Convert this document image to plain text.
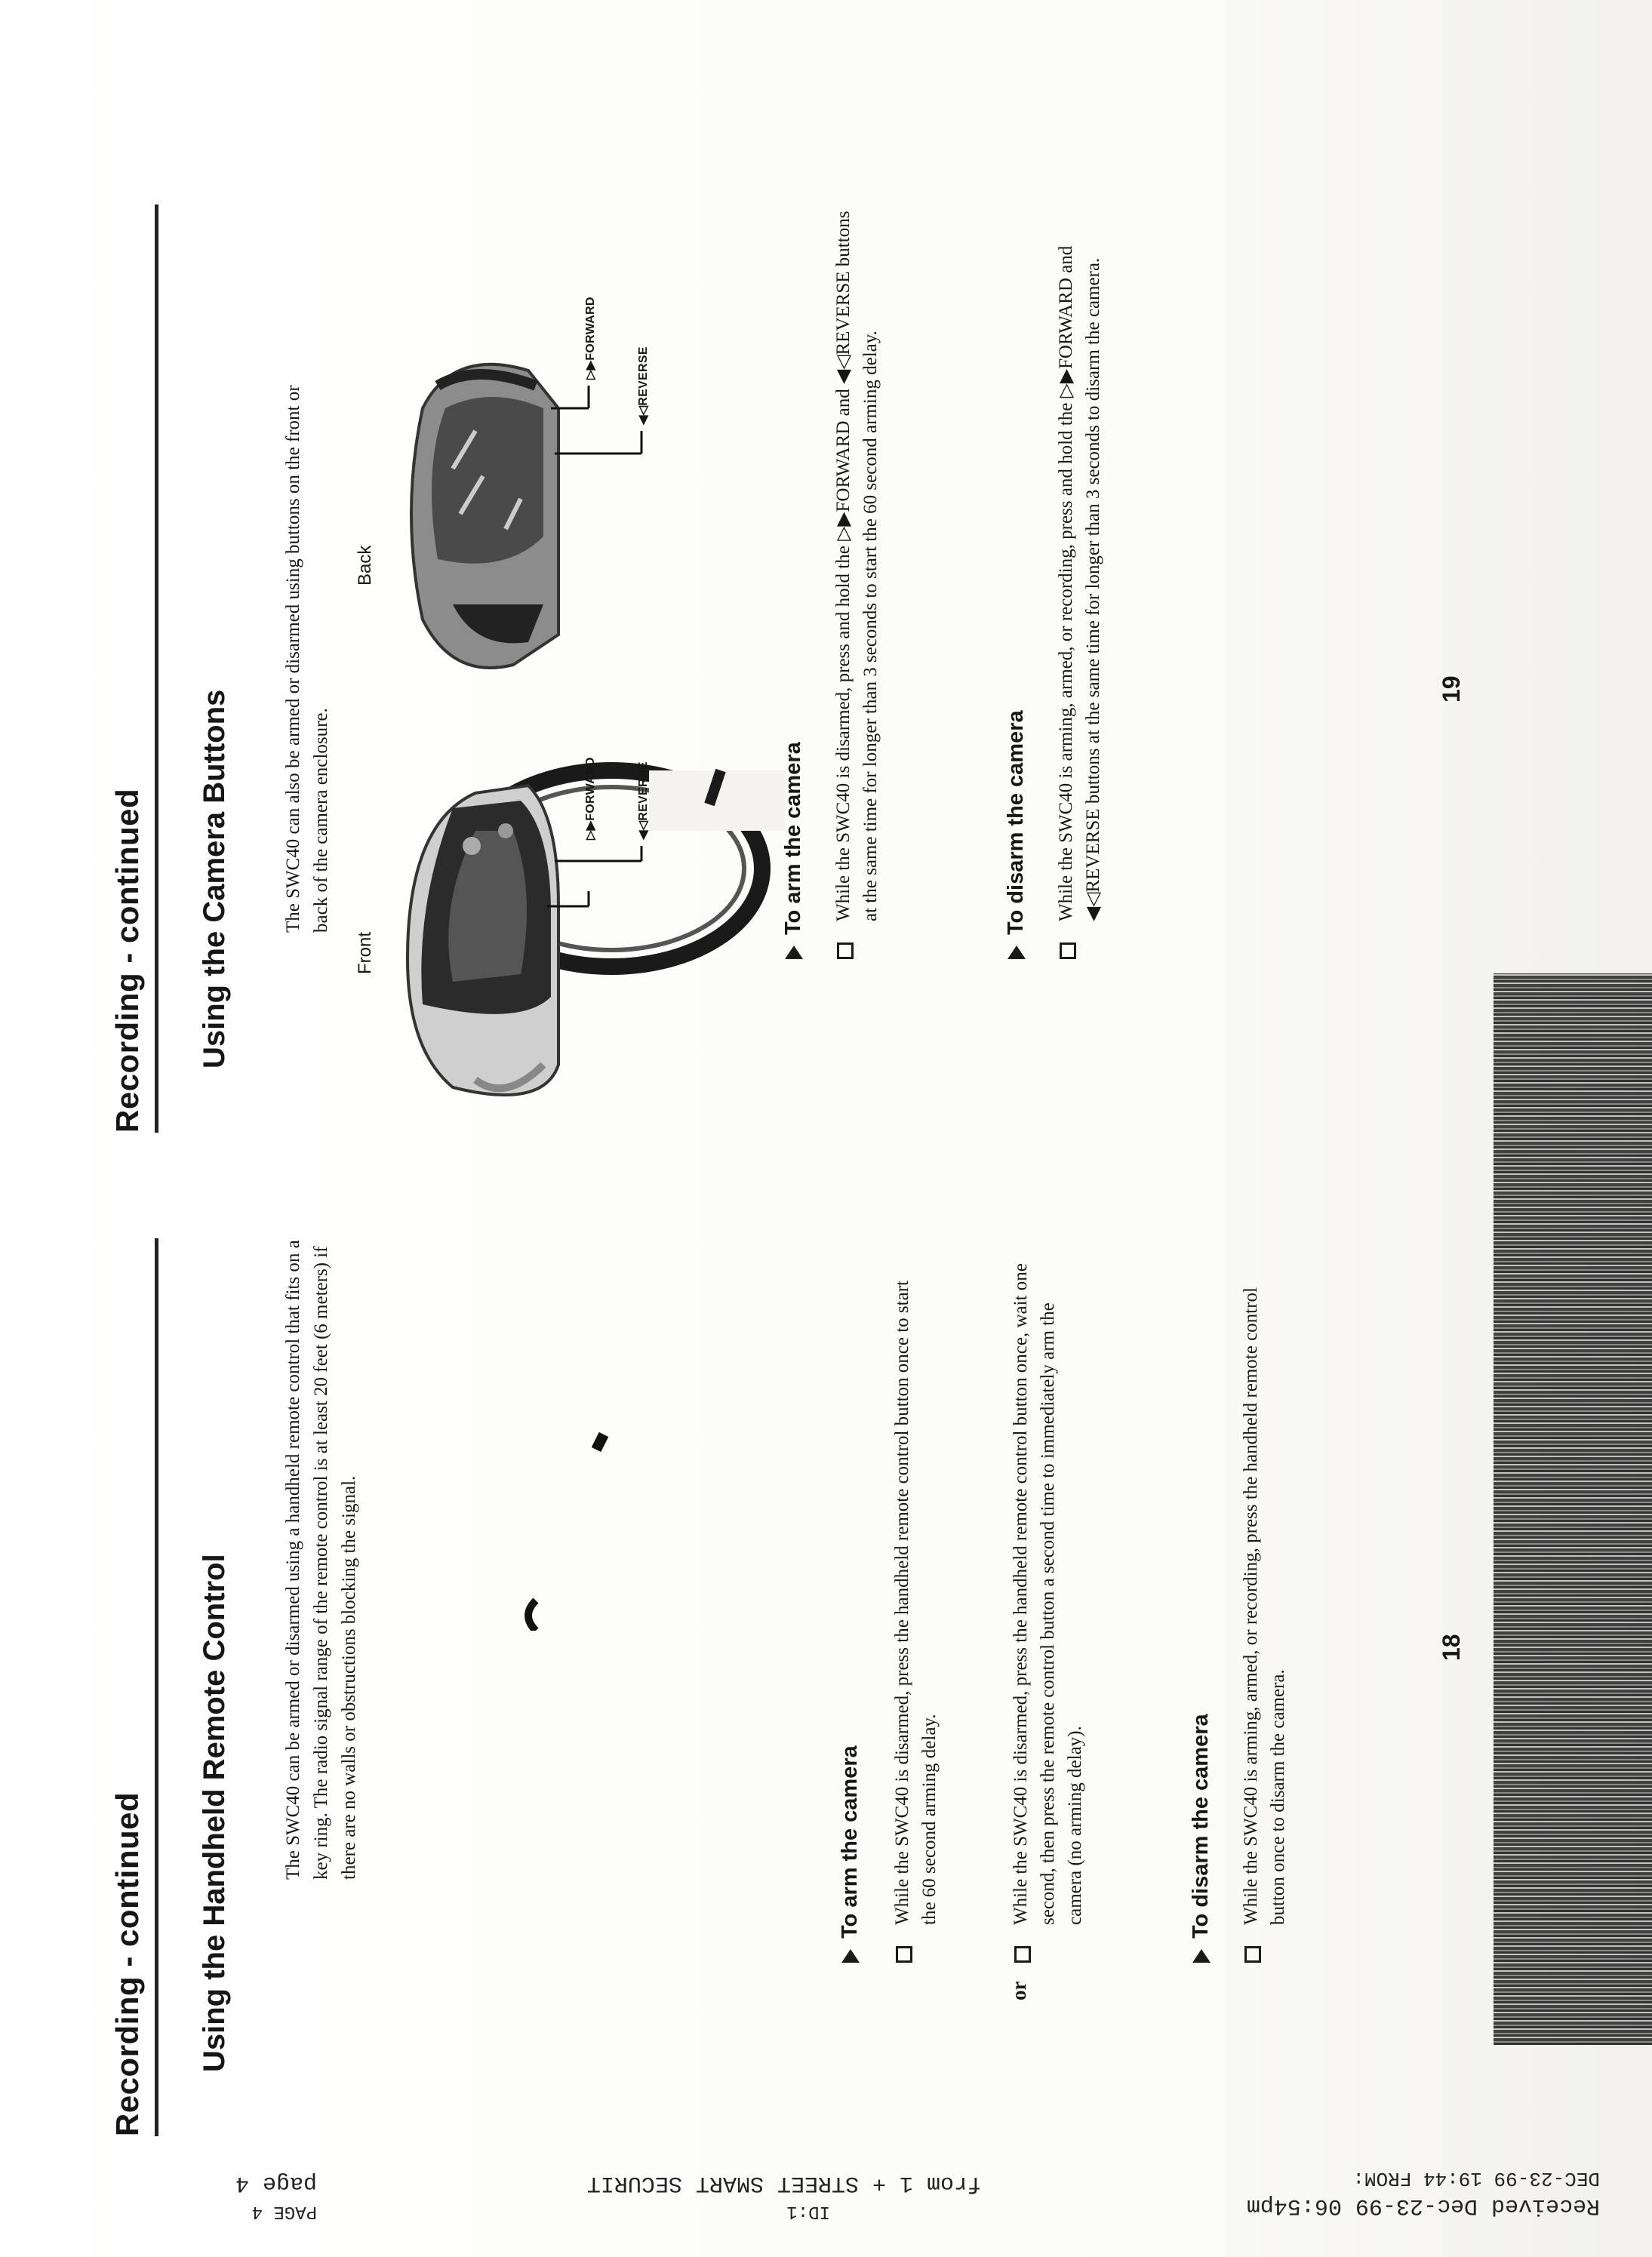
Received Dec-23-99 06:54pm
DEC-23-99 19:44 FROM:
from 1 + STREET SMART SECURIT
ID:1
page 4
PAGE 4
Recording - continued Using the Handheld Remote Control	The SWC40 can be armed or disarmed using a handheld remote control that fits on a key ring. The radio signal range of the remote control is at least 20 feet (6 meters) if there are no walls or obstructions blocking the signal.	To arm the camera While the SWC40 is disarmed, press the handheld remote control button once to start the 60 second arming delay.
or
While the SWC40 is disarmed, press the handheld remote control button once, wait one second, then press the remote control button a second time to immediately arm the camera (no arming delay).	To disarm the camera While the SWC40 is arming, armed, or recording, press the handheld remote control button once to disarm the camera.
18
Recording - continued Using the Camera Buttons	The SWC40 can also be armed or disarmed using buttons on the front or back of the camera enclosure.
Front
Back
▷▶FORWARD	◀◁REVERSE
▷▶FORWARD
◀◁REVERSE
To arm the camera While the SWC40 is disarmed, press and hold the ▷▶FORWARD and ◀◁REVERSE buttons at the same time for longer than 3 seconds to start the 60 second arming delay.	To disarm the camera While the SWC40 is arming, armed, or recording, press and hold the ▷▶FORWARD and ◀◁REVERSE buttons at the same time for longer than 3 seconds to disarm the camera.	19
